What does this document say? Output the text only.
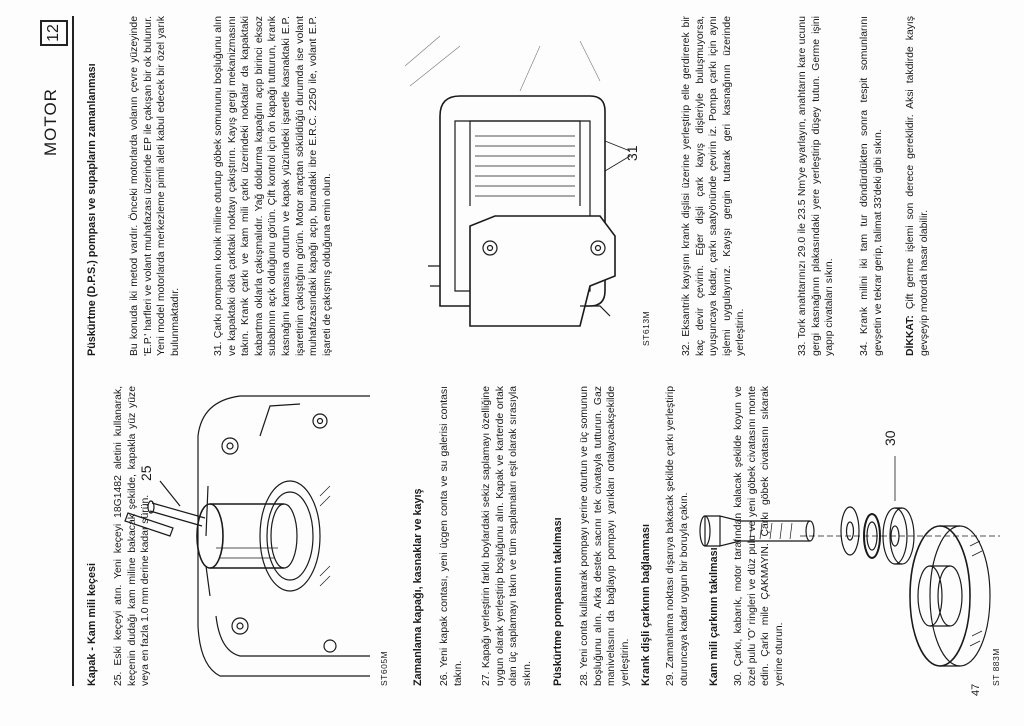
MOTOR
12
47
Kapak - Kam mili keçesi 25. Eski keçeyi atın. Yeni keçeyi 18G1482 aletini kullanarak, keçenin dudağı kam miline bakacak şekilde, kapakla yüz yüze veya en fazla 1.0 mm derine kadar sürün.
25
ST605M Zamanlama kapağı, kasnaklar ve kayış 26. Yeni kapak contası, yeni üçgen conta ve su galerisi contası takın. 27. Kapağı yerleştirin farklı boylardaki sekiz saplamayı özelliğine uygun olarak yerleştirip boşluğunu alın. Kapak ve karterde ortak olan üç saplamayı takın ve tüm saplamaları eşit olarak sırasıyla sıkın. Püskürtme pompasının takılması 28. Yeni conta kullanarak pompayı yerine oturtun ve üç somunun boşluğunu alın. Arka destek sacını tek civatayla tutturun. Gaz manivelasını da bağlayıp pompayı yarıkları ortalayacakşekilde yerleştirin. Krank dişli çarkının bağlanması 29. Zamanlama noktası dışarıya bakacak şekilde çarkı yerleştirip oturuncaya kadar uygun bir boruyla çakın. Kam mili çarkının takılması 30. Çarkı, kabarık, motor tarafından kalacak şekilde koyun ve özel pulu 'O' ringleri ve düz pulu ve yeni göbek civatasını monte edin. Çarkı mile ÇAKMAYIN. Çarkı göbek civatasını sıkarak yerine oturun.
30
ST 883M
Püskürtme (D.P.S.) pompası ve supapların zamanlanması	Bu konuda iki metod vardır. Önceki motorlarda volanın çevre yüzeyinde 'E.P.' harfleri ve volant muhafazası üzerinde EP ile çakışan bir ok bulunur. Yeni model motorlarda merkezleme pimli aleti kabul edecek bir özel yarık bulunmaktadır.	31. Çarkı pompanın konik miline oturtup göbek somununu boşluğunu alın ve kapaktaki okla çarktaki noktayı çakıştırın. Kayış gergi mekanizmasını takın. Krank çarkı ve kam mili çarkı üzerindeki noktalar da kapaktaki kabartma oklarla çakışmalıdır. Yağ doldurma kapağını açıp birinci eksoz subabının açık olduğunu görün. Çift kontrol için ön kapağı tutturun, krank kasnağını kamasına oturtun ve kapak yüzündeki işaretle kasnaktaki E.P. işaretinin çakıştığını görün. Motor araçtan söküldüğü durumda ise volant muhafazasındaki kapağı açıp, buradaki ibre E.R.C. 2250 ile, volant E.P. işareti de çakışmış olduğuna emin olun.
31
ST613M	32. Eksantrik kayışını krank dişlisi üzerine yerleştirip elle gerdirerek bir kaç devir çevirin. Eğer dişli çark kayış dişleriyle buluşmuyorsa, uyuşuncaya kadar, çarkı saatyönünde çevirin iz. Pompa çarkı için aynı işlemi uygulayınız. Kayışı gergin tutarak geri kasnağının üzerinde yerleştirin.	33. Tork anahtarınızı 29.0 ile 23.5 Nm'ye ayarlayın, anahtarın kare ucunu gergi kasnağının plakasındaki yere yerleştirip düşey tutun. Germe işini yapıp civataları sıkın. 34. Krank milini iki tam tur döndürdükten sonra tespit somunlarını gevşetin ve tekrar gerip, talimat 33'deki gibi sıkın. DİKKAT: Çift germe işlemi son derece gereklidir. Aksi takdirde kayış gevşeyip motorda hasar olabilir.
